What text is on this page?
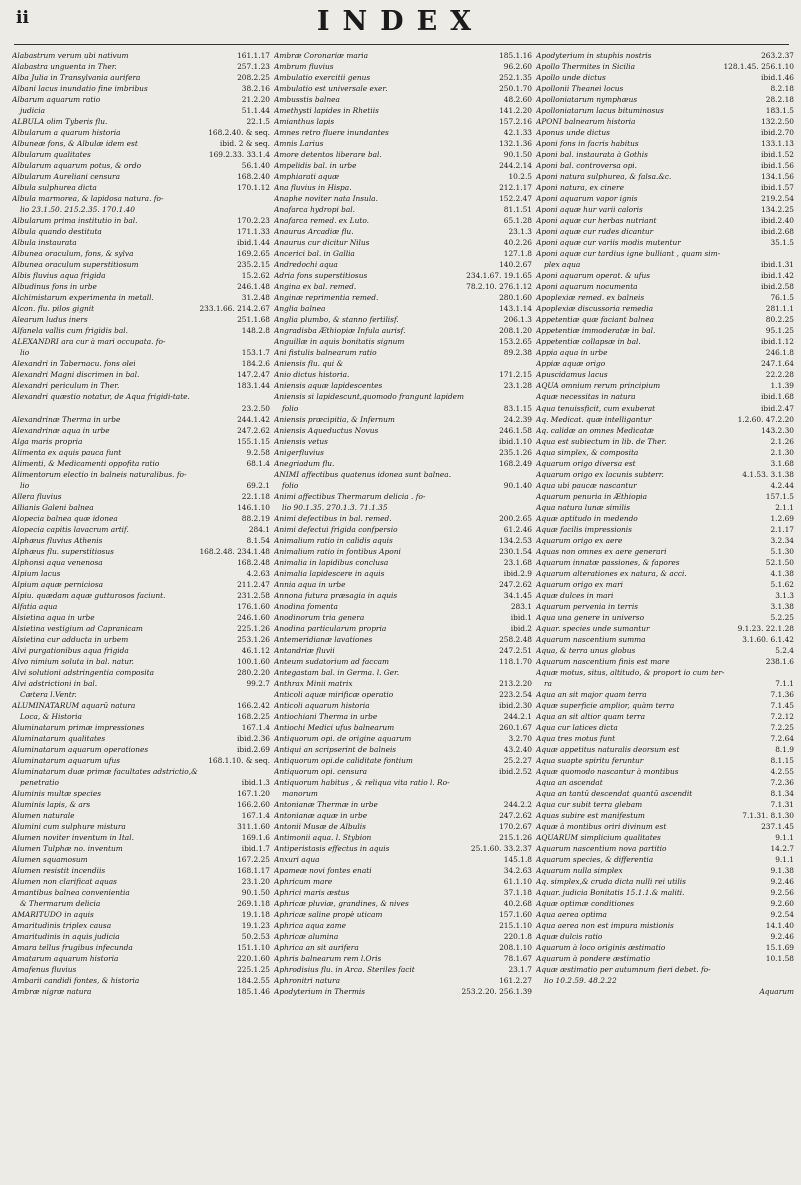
ii	INDEX
Alabastrum verum ubi nativum	161.1.17
Alabastra unguenta in Ther.	257.1.23
Alba Julia in Transylvania aurifera	208.2.25
Albani lacus inundatio fine imbribus	38.2.16
Albarum aquarum ratio	21.2.20
judicia	51.1.44
ALBULA olim Tyberis flu.	22.1.5
Albularum a quarum historia	168.2.40. & seq.
Albuneæ fons, & Albulæ idem est	ibid. 2 & seq.
Albularum qualitates	169.2.33. 33.1.4
Albularum aquarum potus, & ordo	56.1.40
Albularum Aureliani censura	168.2.40
Albula sulphurea dicta	170.1.12
Albula marmorea, & lapidosa natura. fo-
lio 23.1.50. 215.2.35. 170.1.40
Albularum prima institutio in bal.	170.2.23
Albula quando destituta	171.1.33
Albula instaurata	ibid.1.44
Albunea oraculum, fons, & sylva	169.2.65
Albunea oraculum superstitiosum	235.2.15
Albis fluvius aqua frigida	15.2.62
Albudinus fons in urbe	246.1.48
Alchimistarum experimenta in metall.	31.2.48
Alcon. flu. pilos gignit	233.1.66. 214.2.67
Alearum ludus iners	251.1.68
Alfanela vallis cum frigidis bal.	148.2.8
ALEXANDRI ara cur à mari occupata. fo-
lio	153.1.7
Alexandri in Tabernacu. fons olei	184.2.6
Alexandri Magni discrimen in bal.	147.2.47
Alexandri periculum in Ther.	183.1.44
Alexandri quæstio notatur, de Aqua frigidi-tate.
23.2.50
Alexandrinæ Therma in urbe	244.1.42
Alexandrinæ aqua in urbe	247.2.62
Alga maris propria	155.1.15
Alimenta ex aquis pauca funt	9.2.58
Alimenti, & Medicamenti oppofita ratio	68.1.4
Alimentorum electio in balneis naturalibus. fo-
lio	69.2.1
Allera fluvius	22.1.18
Allianis Galeni balnea	146.1.10
Alopecia balnea quæ idonea	88.2.19
Alopecia capitis lavacrum artif.	284.1
Alphæus fluvius Athenis	8.1.54
Alphæus flu. superstitiosus	168.2.48. 234.1.48
Alphonsi aqua venenosa	168.2.48
Alpium lacus	4.2.63
Alpium aquæ perniciosa	211.2.47
Alpiu. quædam aquæ gutturosos faciunt.	231.2.58
Alfatia aqua	176.1.60
Alsietina aqua in urbe	246.1.60
Alsietina vestigium ad Capranicam	225.1.26
Alsietina cur adducta in urbem	253.1.26
Alvi purgationibus aqua frigida	46.1.12
Alvo nimium soluta in bal. natur.	100.1.60
Alvi solutioni adstringentia composita	280.2.20
Alvi adstrictioni in bal.	99.2.7
Cætera l.Ventr.
ALUMINATARUM aquarū natura	166.2.42
Loca, & Historia	168.2.25
Aluminatarum primæ impressiones	167.1.4
Aluminatarum qualitates	ibid.2.36
Aluminatarum aquarum operationes	ibid.2.69
Aluminatarum aquarum ufus	168.1.10. & seq.
Aluminatarum duæ primæ facultates adstrictio,&
penetratio	ibid.1.3
Aluminis multæ species	167.1.20
Aluminis lapis, & ars	166.2.60
Alumen naturale	167.1.4
Alumini cum sulphure mistura	311.1.60
Alumen noviter inventum in Ital.	169.1.6
Alumen Tulphæ no. inventum	ibid.1.7
Alumen squamosum	167.2.25
Alumen resistit incendiis	168.1.17
Alumen non clarificat aquas	23.1.20
Amantibus balnea convenientia	90.1.50
& Thermarum delicia	269.1.18
AMARITUDO in aquis	19.1.18
Amaritudinis triplex causa	19.1.23
Amaritudinis in aquis judicia	50.2.53
Amara tellus frugibus infecunda	151.1.10
Amatarum aquarum historia	220.1.60
Amafenus fluvius	225.1.25
Ambarii candidi fontes, & historia	184.2.55
Ambræ nigræ natura	185.1.46
Ambræ Coronariæ maria	185.1.16
Ambrum fluvius	96.2.60
Ambulatio exercitii genus	252.1.35
Ambulatio est universale exer.	250.1.70
Ambusstis balnea	48.2.60
Amethysti lapides in Rhetiis	141.2.20
Amianthus lapis	157.2.16
Amnes retro fluere inundantes	42.1.33
Amnis Larius	132.1.36
Amore detentos liberare bal.	90.1.50
Ampelidis bal. in urbe	244.2.14
Amphiarati aquæ	10.2.5
Ana fluvius in Hispa.	212.1.17
Anaphe noviter nata Insula.	152.2.47
Anafarca hydropi bal.	81.1.51
Anafarca remed. ex Luto.	65.1.28
Anaurus Arcadiæ flu.	23.1.3
Anaurus cur dicitur Nilus	40.2.26
Ancerici bal. in Gallia	127.1.8
Andredochi aqua	140.2.67
Adria fons superstitiosus	234.1.67. 19.1.65
Angina ex bal. remed.	78.2.10. 276.1.12
Anginæ reprimentia remed.	280.1.60
Anglia balnea	143.1.14
Anglia plumbo, & stanno fertilisf.	206.1.3
Angradisba Æthiopiæ Infula aurisf.	208.1.20
Anguillæ in aquis bonitatis signum	153.2.65
Ani fistulis balnearum ratio	89.2.38
Aniensis flu. qui &
Anio dictus historia.	171.2.15
Aniensis aquæ lapidescentes	23.1.28
Aniensis si lapidescunt,quomodo frangunt lapidem
folio	83.1.15
Aniensis præcipitia, & Infernum	24.2.39
Aniensis Aqueductus Novus	246.1.58
Aniensis vetus	ibid.1.10
Anigerfluvius	235.1.26
Anegriadum flu.	168.2.49
ANIMI affectibus quatenus idonea sunt balnea.
folio	90.1.40
Animi affectibus Thermarum delicia . fo-
lio 90.1.35. 270.1.3. 71.1.35
Animi defectibus in bal. remed.	200.2.65
Animi defectui frigida confpersio	61.2.46
Animalium ratio in calidis aquis	134.2.53
Animalium ratio in fontibus Aponi	230.1.54
Animalia in lapidibus conclusa	23.1.68
Animalia lapidescere in aquis	ibid.2.9
Annia aqua in urbe	247.2.62
Annona futura præsagia in aquis	34.1.45
Anodina fomenta	283.1
Anodinorum tria genera	ibid.1
Anodina particularum propria	ibid.2
Antemeridianæ lavationes	258.2.48
Antandriæ fluvii	247.2.51
Anteum sudatorium ad faccam	118.1.70
Antegastam bal. in Germa. l. Ger.
Anthrax Minii matrix	213.2.20
Anticoli aquæ mirificæ operatio	223.2.54
Anticoli aquarum historia	ibid.2.30
Antiochiani Therma in urbe	244.2.1
Antiochi Medici ufus balnearum	260.1.67
Antiquorum opi. de origine aquarum	3.2.70
Antiqui an scripserint de balneis	43.2.40
Antiquorum opi.de caliditate fontium	25.2.27
Antiquorum opi. censura	ibid.2.52
Antiquorum habitus , & reliqua vita ratio l. Ro-
manorum
Antonianæ Thermæ in urbe	244.2.2
Antonianæ aquæ in urbe	247.2.62
Antonii Musæ de Albulis	170.2.67
Antimonii aqua. l. Stybion	215.1.26
Antiperistasis effectus in aquis	25.1.60. 33.2.37
Anxuri aqua	145.1.8
Apameæ novi fontes enati	34.2.63
Aphricum mare	61.1.10
Aphrici maris æstus	37.1.18
Aphricæ pluviæ, grandines, & nives	40.2.68
Aphricæ saline propè uticam	157.1.60
Aphrica aqua ƶame	215.1.10
Aphricæ alumina	220.1.8
Aphrica an sit aurifera	208.1.10
Aphris balnearum rem l.Oris	78.1.67
Aphrodisius flu. in Arca. Steriles facit	23.1.7
Aphronitri natura	161.2.27
Apodyterium in Thermis	253.2.20. 256.1.39
Apodyterium in stuphis nostris	263.2.37
Apollo Thermites in Sicilia	128.1.45. 256.1.10
Apollo unde dictus	ibid.1.46
Apollonii Theanei locus	8.2.18
Apolloniatarum nymphæus	28.2.18
Apolloniatarum lacus bituminosus	183.1.5
APONI balnearum historia	132.2.50
Aponus unde dictus	ibid.2.70
Aponi fons in facris habitus	133.1.13
Aponi bal. instaurata à Gothis	ibid.1.52
Aponi bal. controversa opi.	ibid.1.56
Aponi natura sulphurea, & falsa.&c.	134.1.56
Aponi natura, ex cinere	ibid.1.57
Aponi aquarum vapor ignis	219.2.54
Aponi aquæ hur varii caloris	134.2.25
Aponi aquæ cur herbas nutriant	ibid.2.40
Aponi aquæ cur rudes dicantur	ibid.2.68
Aponi aquæ cur variis modis mutentur	35.1.5
Aponi aquæ cur tardius igne bulliant , quam sim-
plex aqua	ibid.1.31
Aponi aquarum operat. & ufus	ibid.1.42
Aponi aquarum nocumenta	ibid.2.58
Apoplexiæ remed. ex balneis	76.1.5
Apoplexiæ discussoria remedia	281.1.1
Appetentiæ quæ faciant balnea	80.2.25
Appetentiæ immoderatæ in bal.	95.1.25
Appetentiæ collapsæ in bal.	ibid.1.12
Appia aqua in urbe	246.1.8
Appiæ aquæ origo	247.1.64
Apuscidamus lacus	22.2.28
AQUA omnium rerum principium	1.1.39
Aquæ necessitas in natura	ibid.1.68
Aqua tenuissficit, cum exuberat	ibid.2.47
Aq. Medicat. quæ intelligantur	1.2.60. 47.2.20
Aq. calidæ an omnes Medicatæ	143.2.30
Aqua est subiectum in lib. de Ther.	2.1.26
Aqua simplex, & composita	2.1.30
Aquarum origo diversa est	3.1.68
Aquarum origo ex lacunis subterr.	4.1.53. 3.1.38
Aqua ubi paucæ nascantur	4.2.44
Aquarum penuria in Æthiopia	157.1.5
Aqua natura lunæ similis	2.1.1
Aquæ aptitudo in medendo	1.2.69
Aquæ facilis impressionis	2.1.17
Aquarum origo ex aere	3.2.34
Aquas non omnes ex aere generari	5.1.30
Aquarum innatæ passiones, & fapores	52.1.50
Aquarum alterationes ex natura, & acci.	4.1.38
Aquarum origo ex mari	5.1.62
Aquæ dulces in mari	3.1.3
Aquarum pervenia in terris	3.1.38
Aqua una genere in universo	5.2.25
Aquar. species unde sumantur	9.1.23. 22.1.28
Aquarum nascentium summa	3.1.60. 6.1.42
Aqua, & terra unus globus	5.2.4
Aquarum nascentium finis est mare	238.1.6
Aquæ motus, situs, altitudo, & proport io cum ter-
ra	7.1.1
Aqua an sit major quam terra	7.1.36
Aquæ superficie amplior, quàm terra	7.1.45
Aqua an sit altior quam terra	7.2.12
Aqua cur latices dicta	7.2.25
Aqua tres motus funt	7.2.64
Aquæ appetitus naturalis deorsum est	8.1.9
Aqua suapte spiritu feruntur	8.1.15
Aquæ quomodo nascantur à montibus	4.2.55
Aqua an ascendat	7.2.36
Aqua an tantū descendat quantū ascendit	8.1.34
Aqua cur subit terra glebam	7.1.31
Aquas subire est manifestum	7.1.31. 8.1.30
Aquæ à montibus oriri divinum est	237.1.45
AQUARUM simplicium qualitates	9.1.1
Aquarum nascentium nova partitio	14.2.7
Aquarum species, & differentia	9.1.1
Aquarum nulla simplex	9.1.38
Aq. simplex,& cruda dicta nulli rei utilis	9.2.46
Aquar. judicia Bonitatis 15.1.1.& maliti.	9.2.56
Aquæ optimæ conditiones	9.2.60
Aqua aerea optima	9.2.54
Aqua aerea non est impura mistionis	14.1.40
Aquæ dulcis ratio	9.2.46
Aquarum à loco originis æstimatio	15.1.69
Aquarum à pondere æstimatio	10.1.58
Aquæ æstimatio per autumnum fieri debet. fo-
lio 10.2.59. 48.2.22
Aquarum
